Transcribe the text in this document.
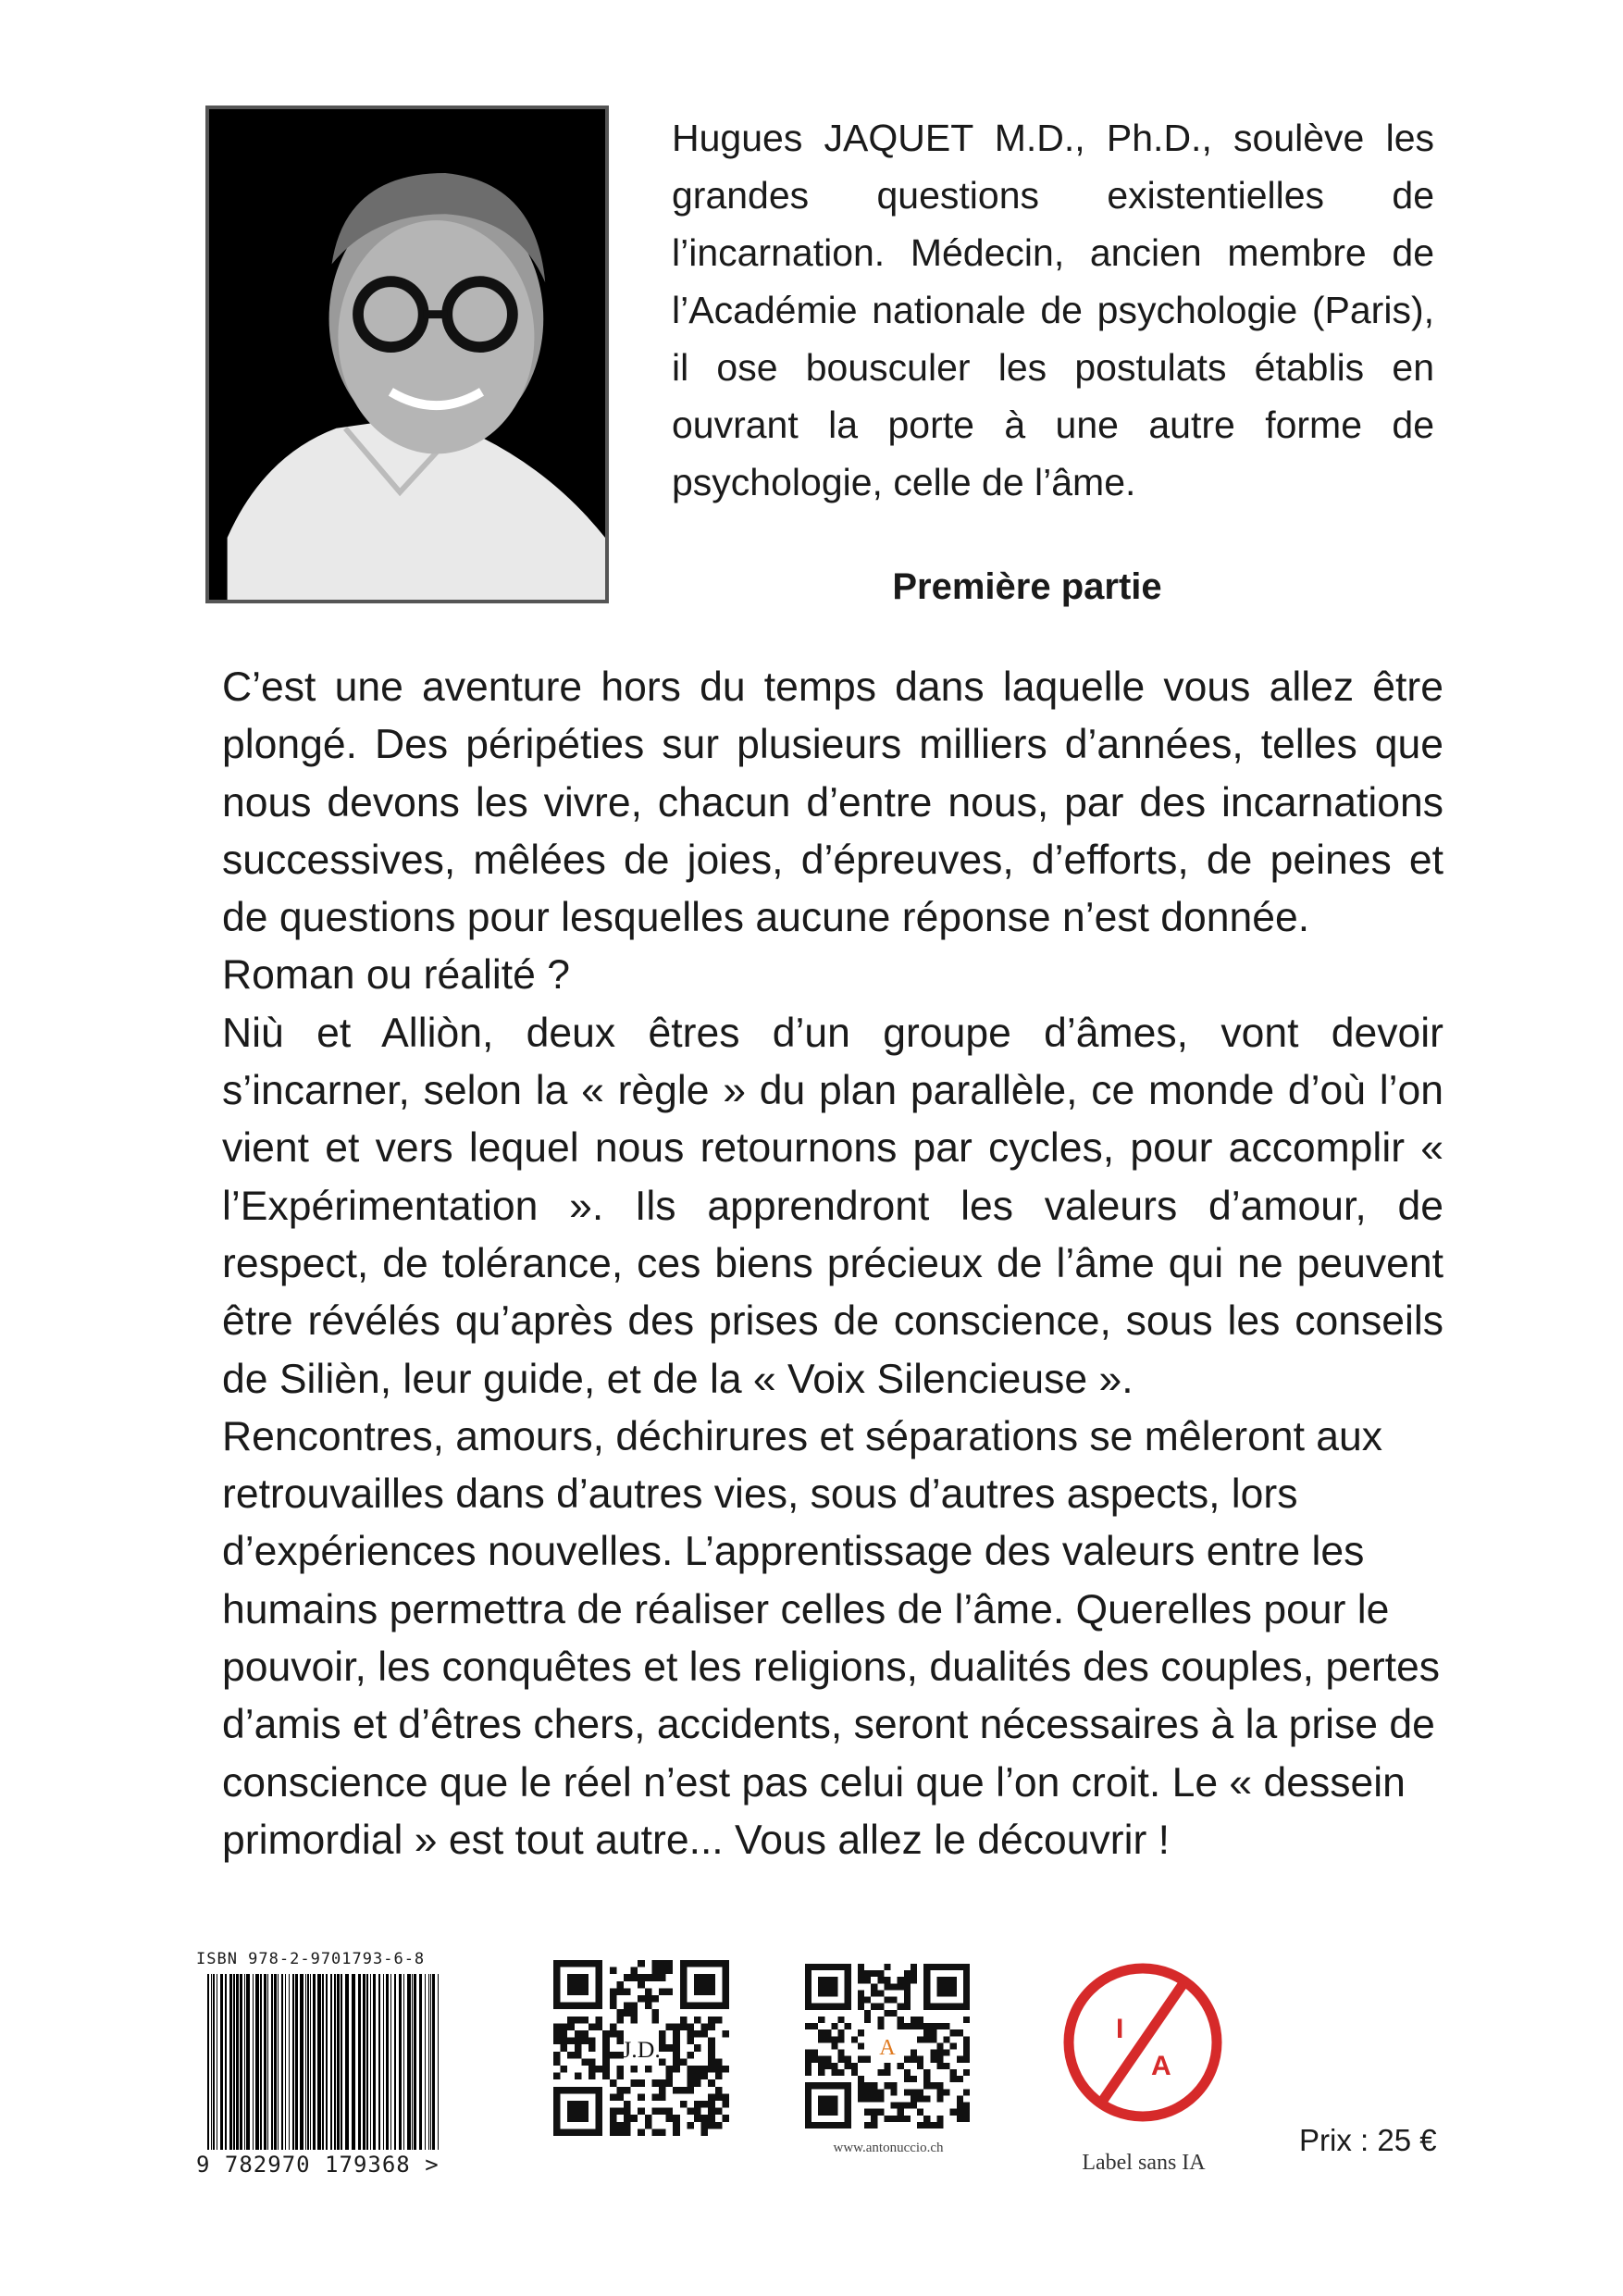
Hugues JAQUET M.D., Ph.D., soulève les grandes questions existentielles de l’incarnation. Médecin, ancien membre de l’Académie nationale de psychologie (Paris), il ose bousculer les postulats établis en ouvrant la porte à une autre forme de psychologie, celle de l’âme.

Première partie

C’est une aventure hors du temps dans laquelle vous allez être plongé. Des péripéties sur plusieurs milliers d’années, telles que nous devons les vivre, chacun d’entre nous, par des incarnations successives, mêlées de joies, d’épreuves, d’efforts, de peines et de questions pour lesquelles aucune réponse n’est donnée.

Roman ou réalité ?

Niù et Alliòn, deux êtres d’un groupe d’âmes, vont devoir s’incarner, selon la « règle » du plan parallèle, ce monde d’où l’on vient et vers lequel nous retournons par cycles, pour accomplir « l’Expérimentation ». Ils apprendront les valeurs d’amour, de respect, de tolérance, ces biens précieux de l’âme qui ne peuvent être révélés qu’après des prises de conscience, sous les conseils de Silièn, leur guide, et de la « Voix Silencieuse ».

Rencontres, amours, déchirures et séparations se mêleront aux retrouvailles dans d’autres vies, sous d’autres aspects, lors d’expériences nouvelles. L’apprentissage des valeurs entre les humains permettra de réaliser celles de l’âme. Querelles pour le pouvoir, les conquêtes et les religions, dualités des couples, pertes d’amis et d’êtres chers, accidents, seront nécessaires à la prise de conscience que le réel n’est pas celui que l’on croit. Le « dessein primordial » est tout autre... Vous allez le découvrir !

ISBN 978-2-9701793-6-8
9 782970 179368 >
J.D.	A
www.antonuccio.ch
I
A
Label sans IA
Prix : 25 €
